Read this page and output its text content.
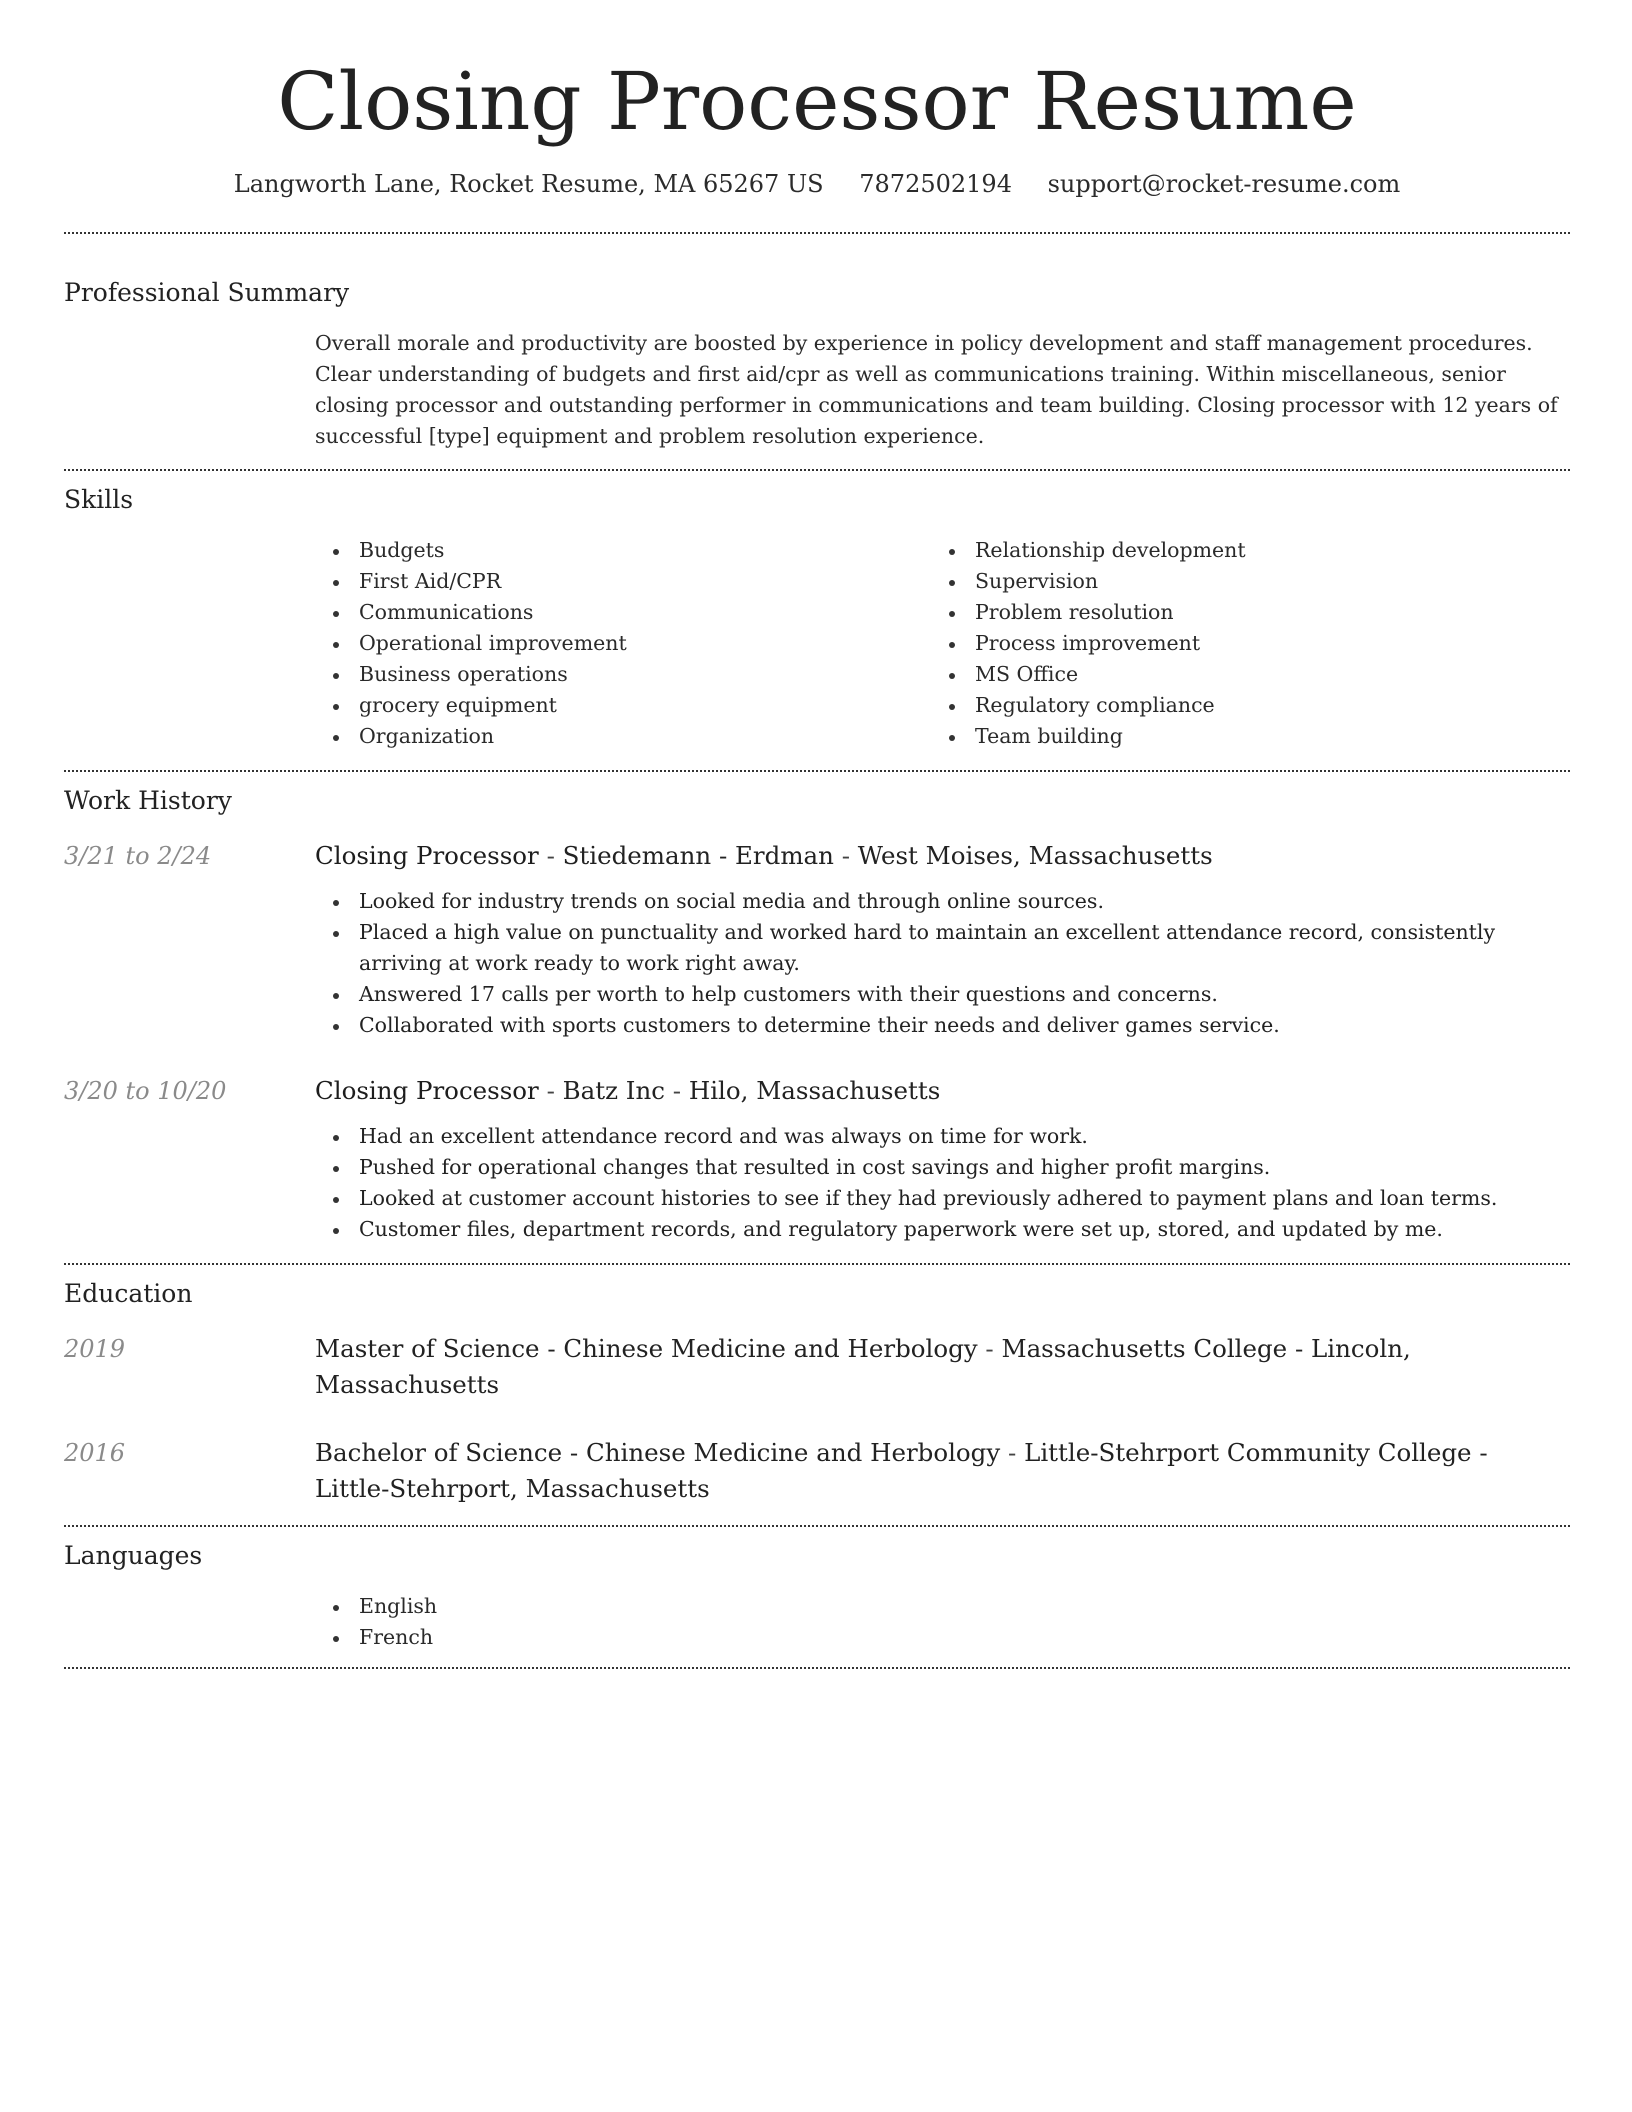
Closing Processor Resume
Langworth Lane, Rocket Resume, MA 65267 US 7872502194 support@rocket-resume.com
Professional Summary

Overall morale and productivity are boosted by experience in policy development and staff management procedures. Clear understanding of budgets and first aid/cpr as well as communications training. Within miscellaneous, senior closing processor and outstanding performer in communications and team building. Closing processor with 12 years of successful [type] equipment and problem resolution experience.

Skills
Budgets
First Aid/CPR
Communications
Operational improvement
Business operations
grocery equipment
Organization
Relationship development
Supervision
Problem resolution
Process improvement
MS Office
Regulatory compliance
Team building
Work History
3/21 to 2/24	Closing Processor - Stiedemann - Erdman - West Moises, Massachusetts
Looked for industry trends on social media and through online sources.
Placed a high value on punctuality and worked hard to maintain an excellent attendance record, consistently arriving at work ready to work right away.
Answered 17 calls per worth to help customers with their questions and concerns.
Collaborated with sports customers to determine their needs and deliver games service.
3/20 to 10/20	Closing Processor - Batz Inc - Hilo, Massachusetts
Had an excellent attendance record and was always on time for work.
Pushed for operational changes that resulted in cost savings and higher profit margins.
Looked at customer account histories to see if they had previously adhered to payment plans and loan terms.
Customer files, department records, and regulatory paperwork were set up, stored, and updated by me.
Education
2019	Master of Science - Chinese Medicine and Herbology - Massachusetts College - Lincoln, Massachusetts
2016	Bachelor of Science - Chinese Medicine and Herbology - Little-Stehrport Community College - Little-Stehrport, Massachusetts
Languages
English
French
